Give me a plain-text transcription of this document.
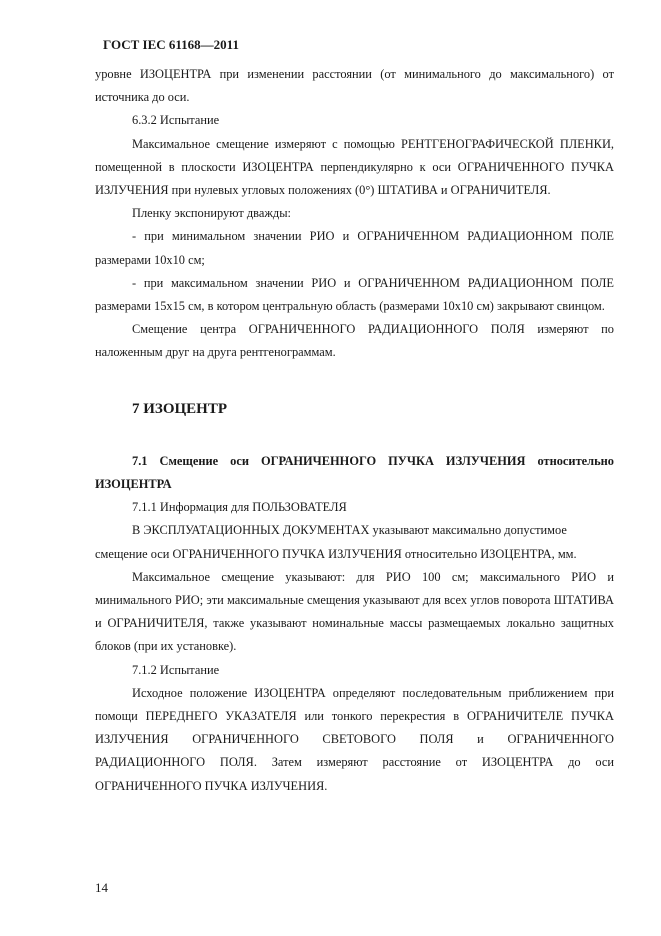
ГОСТ IEC 61168—2011

уровне ИЗОЦЕНТРА при изменении расстоянии (от минимального до максимального) от источника до оси.

6.3.2 Испытание

Максимальное смещение измеряют с помощью РЕНТГЕНОГРАФИЧЕСКОЙ ПЛЕНКИ, помещенной в плоскости ИЗОЦЕНТРА перпендикулярно к оси ОГРАНИЧЕННОГО ПУЧКА ИЗЛУЧЕНИЯ при нулевых угловых положениях (0°) ШТАТИВА и ОГРАНИЧИТЕЛЯ.

Пленку экспонируют дважды:

- при минимальном значении РИО и ОГРАНИЧЕННОМ РАДИАЦИОННОМ ПОЛЕ размерами 10х10 см;

- при максимальном значении РИО и ОГРАНИЧЕННОМ РАДИАЦИОННОМ ПОЛЕ размерами 15х15 см, в котором центральную область (размерами 10х10 см) закрывают свинцом.

Смещение центра ОГРАНИЧЕННОГО РАДИАЦИОННОГО ПОЛЯ измеряют по наложенным друг на друга рентгенограммам.

7 ИЗОЦЕНТР

7.1 Смещение оси ОГРАНИЧЕННОГО ПУЧКА ИЗЛУЧЕНИЯ относительно ИЗОЦЕНТРА

7.1.1 Информация для ПОЛЬЗОВАТЕЛЯ

В ЭКСПЛУАТАЦИОННЫХ ДОКУМЕНТАХ указывают максимально допустимое смещение оси ОГРАНИЧЕННОГО ПУЧКА ИЗЛУЧЕНИЯ относительно ИЗОЦЕНТРА, мм.

Максимальное смещение указывают: для РИО 100 см; максимального РИО и минимального РИО; эти максимальные смещения указывают для всех углов поворота ШТАТИВА и ОГРАНИЧИТЕЛЯ, также указывают номинальные массы размещаемых локально защитных блоков (при их установке).

7.1.2 Испытание

Исходное положение ИЗОЦЕНТРА определяют последовательным приближением при помощи ПЕРЕДНЕГО УКАЗАТЕЛЯ или тонкого перекрестия в ОГРАНИЧИТЕЛЕ ПУЧКА ИЗЛУЧЕНИЯ ОГРАНИЧЕННОГО СВЕТОВОГО ПОЛЯ и ОГРАНИЧЕННОГО РАДИАЦИОННОГО ПОЛЯ. Затем измеряют расстояние от ИЗОЦЕНТРА до оси ОГРАНИЧЕННОГО ПУЧКА ИЗЛУЧЕНИЯ.

14
